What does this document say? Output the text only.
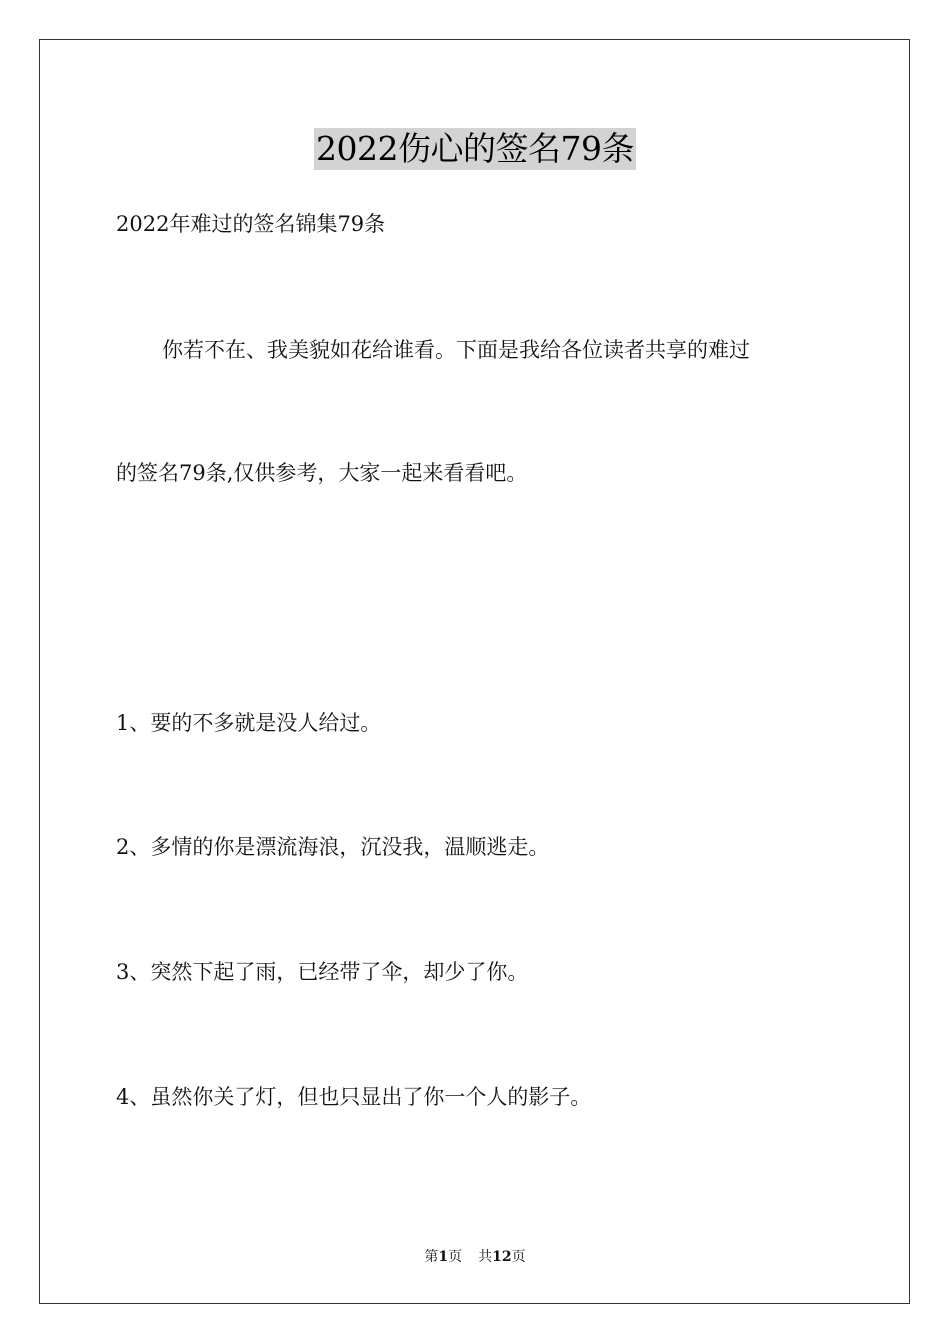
2022伤心的签名79条
2022年难过的签名锦集79条
你若不在、我美貌如花给谁看。下面是我给各位读者共享的难过
的签名79条,仅供参考，大家一起来看看吧。
1、要的不多就是没人给过。
2、多情的你是漂流海浪，沉没我，温顺逃走。
3、突然下起了雨，已经带了伞，却少了你。
4、虽然你关了灯，但也只显出了你一个人的影子。
第1页 共12页
